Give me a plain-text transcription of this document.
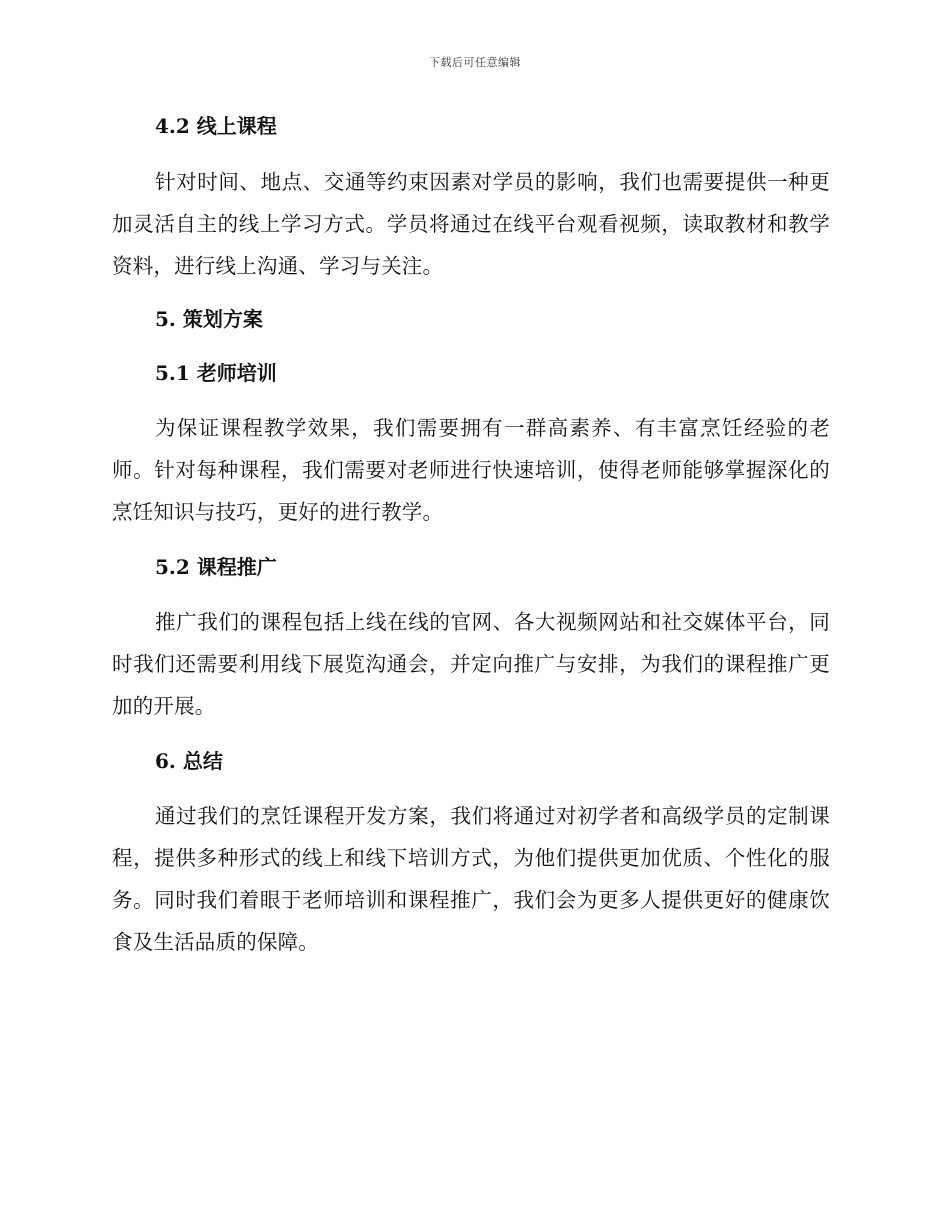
下载后可任意编辑
4.2 线上课程

针对时间、地点、交通等约束因素对学员的影响，我们也需要提供一种更加灵活自主的线上学习方式。学员将通过在线平台观看视频，读取教材和教学资料，进行线上沟通、学习与关注。

5. 策划方案
5.1 老师培训

为保证课程教学效果，我们需要拥有一群高素养、有丰富烹饪经验的老师。针对每种课程，我们需要对老师进行快速培训，使得老师能够掌握深化的烹饪知识与技巧，更好的进行教学。

5.2 课程推广

推广我们的课程包括上线在线的官网、各大视频网站和社交媒体平台，同时我们还需要利用线下展览沟通会，并定向推广与安排，为我们的课程推广更加的开展。

6. 总结

通过我们的烹饪课程开发方案，我们将通过对初学者和高级学员的定制课程，提供多种形式的线上和线下培训方式，为他们提供更加优质、个性化的服务。同时我们着眼于老师培训和课程推广，我们会为更多人提供更好的健康饮食及生活品质的保障。
